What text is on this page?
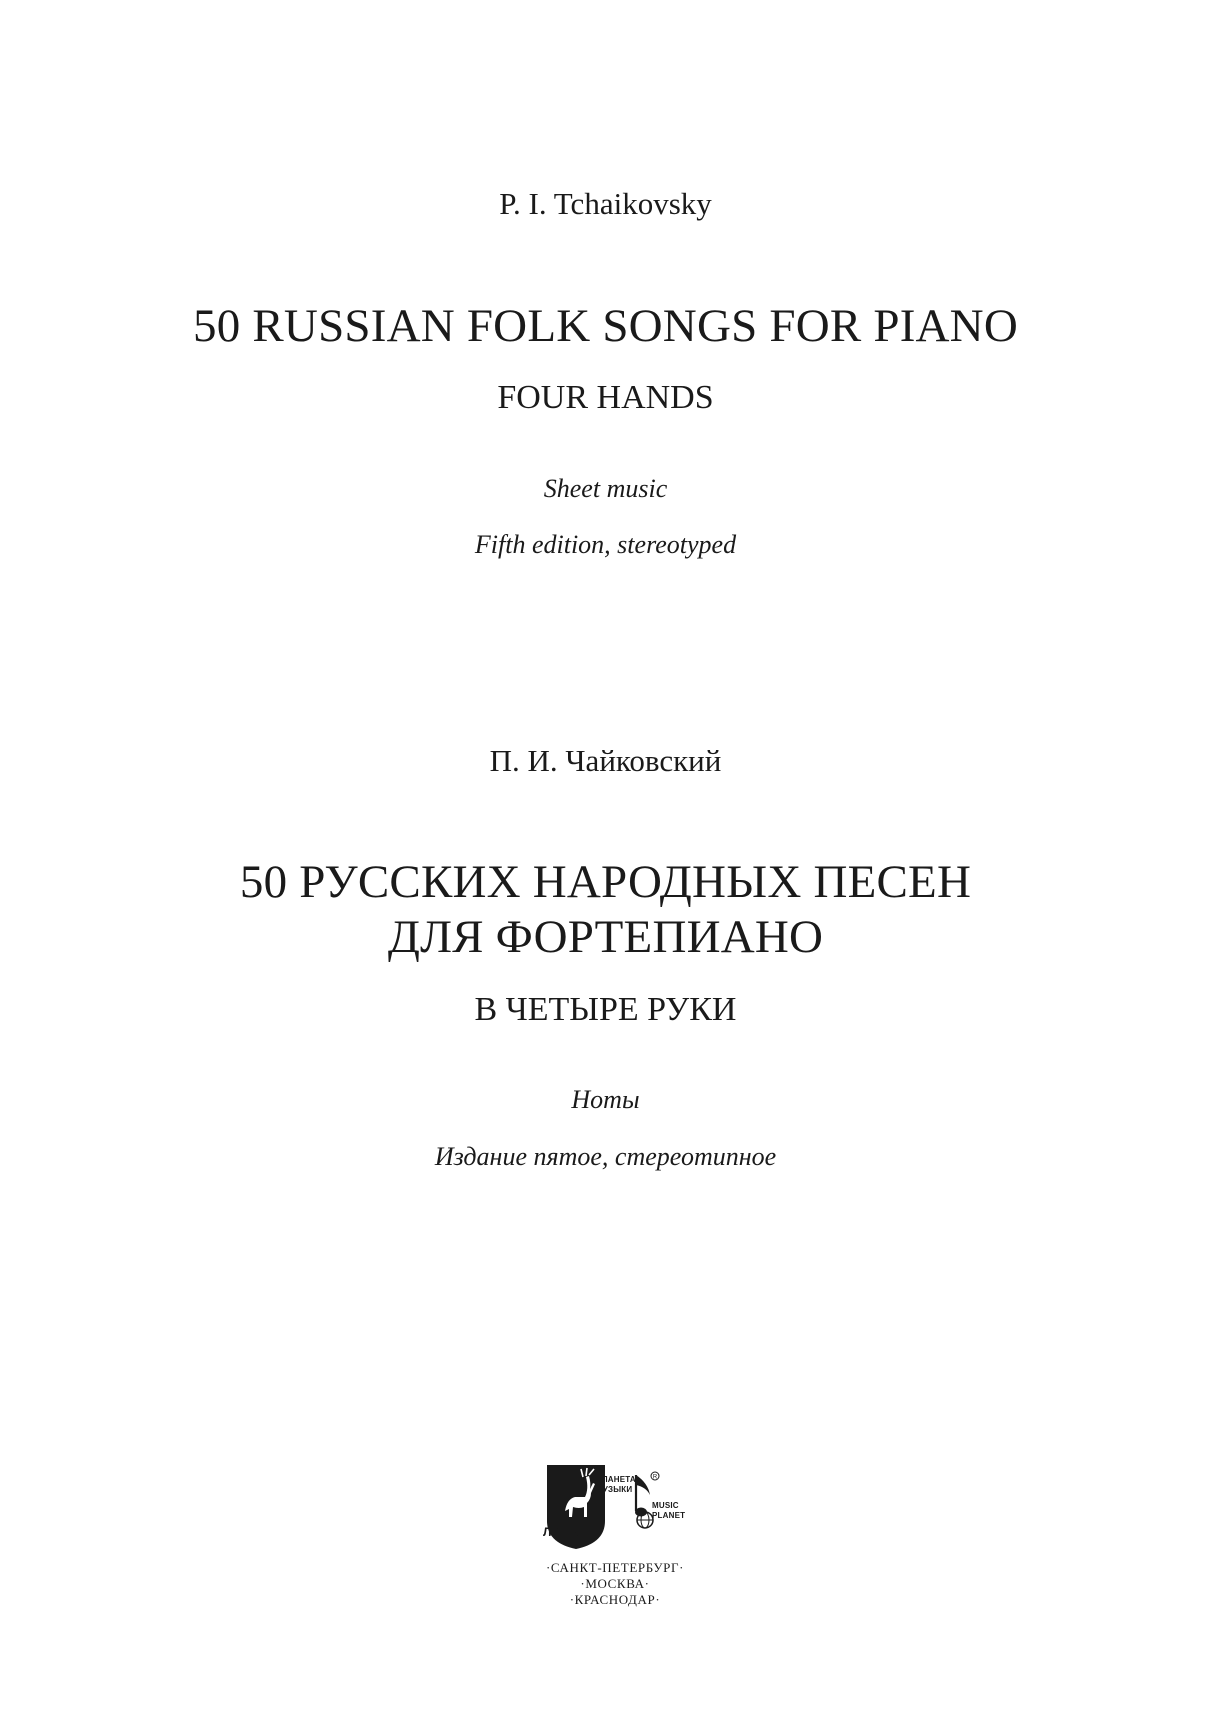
P. I. Tchaikovsky
50 RUSSIAN FOLK SONGS FOR PIANO
FOUR HANDS
Sheet music
Fifth edition, stereotyped
П. И. Чайковский
50 РУССКИХ НАРОДНЫХ ПЕСЕН
ДЛЯ ФОРТЕПИАНО
В ЧЕТЫРЕ РУКИ
Ноты
Издание пятое, стереотипное
ЛАНЬ
ПЛАНЕТА
МУЗЫКИ
R
MUSIC
PLANET
·САНКТ-ПЕТЕРБУРГ·
·МОСКВА·
·КРАСНОДАР·
